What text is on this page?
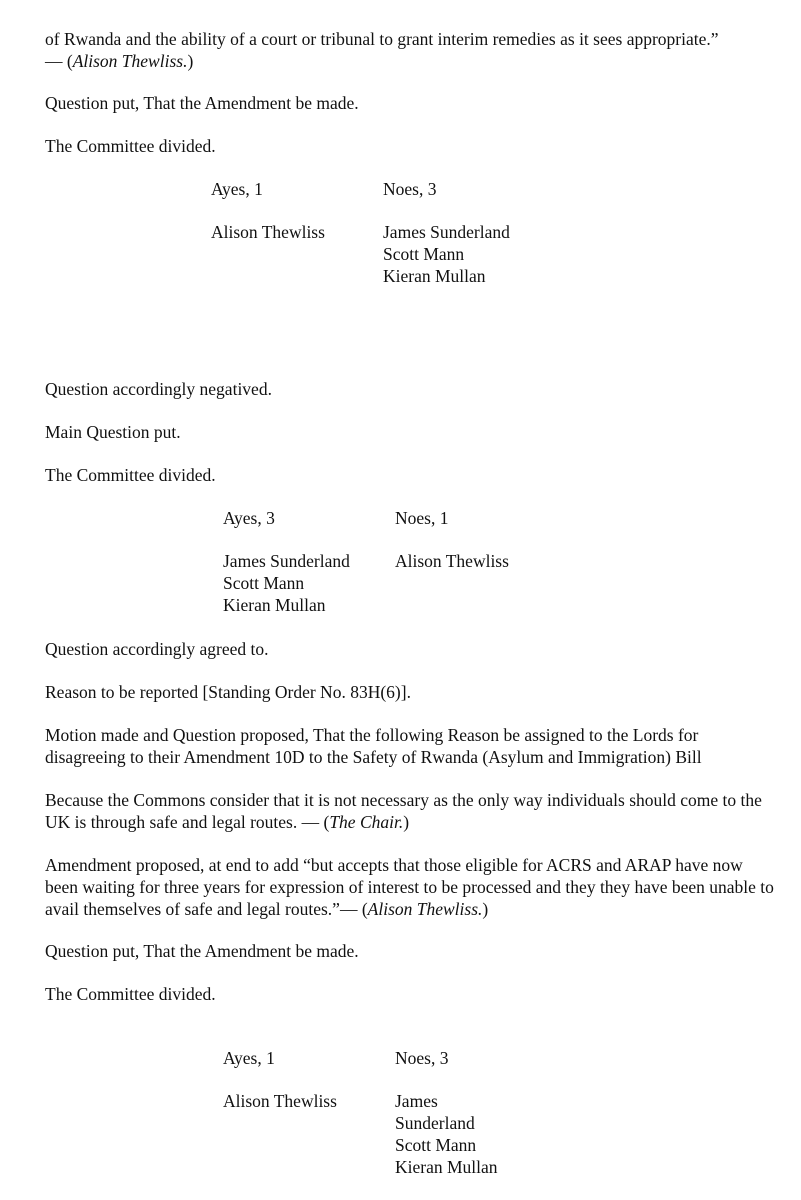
of Rwanda and the ability of a court or tribunal to grant interim remedies as it sees appropriate.”
— (Alison Thewliss.)

Question put, That the Amendment be made.

The Committee divided.

Ayes, 1
Alison Thewliss
Noes, 3
James Sunderland
Scott Mann
Kieran Mullan

Question accordingly negatived.

Main Question put.

The Committee divided.

Ayes, 3
James Sunderland
Scott Mann
Kieran Mullan
Noes, 1
Alison Thewliss

Question accordingly agreed to.

Reason to be reported [Standing Order No. 83H(6)].

Motion made and Question proposed, That the following Reason be assigned to the Lords for disagreeing to their Amendment 10D to the Safety of Rwanda (Asylum and Immigration) Bill

Because the Commons consider that it is not necessary as the only way individuals should come to the UK is through safe and legal routes. — (The Chair.)

Amendment proposed, at end to add “but accepts that those eligible for ACRS and ARAP have now been waiting for three years for expression of interest to be processed and they they have been unable to avail themselves of safe and legal routes.”— (Alison Thewliss.)

Question put, That the Amendment be made.

The Committee divided.

Ayes, 1
Alison Thewliss
Noes, 3
James
Sunderland
Scott Mann
Kieran Mullan
